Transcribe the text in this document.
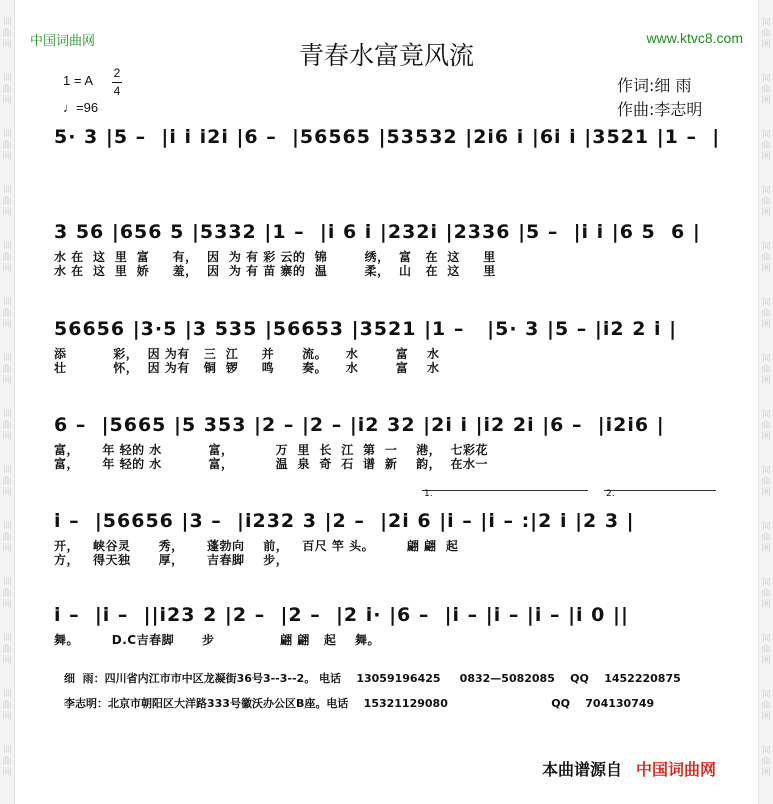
词
曲
网
词
曲
网
词
曲
网
词
曲
网
词
曲
网
词
曲
网
词
曲
网
词
曲
网
词
曲
网
词
曲
网
词
曲
网
词
曲
网
词
曲
网
词
曲
网
词
曲
网
词
曲
网
词
曲
网
词
曲
网
词
曲
网
词
曲
网
词
曲
网
词
曲
网
词
曲
网
词
曲
网
词
曲
网
词
曲
网
词
曲
网
词
曲
网
中国词曲网	www.ktvc8.com
青春水富竟风流
1 = A 2
4
♩=96
作词:细 雨
作曲:李志明
5· 3 |5 –  |i i i2i |6 –  |56565 |53532 |2i6 i |6i i |3521 |1 –  |
3 56 |656 5 |5332 |1 –  |i 6 i |232i |2336 |5 –  |i i |6 5  6 |
水 在  这  里  富     有，  因  为 有 彩 云的  锦        绣，  富   在  这     里
水 在  这  里  娇     羞，  因  为 有 苗 寨的  温        柔，  山   在  这     里
56656 |3·5 |3 535 |56653 |3521 |1 –   |5· 3 |5 – |i2 2 i |
添          彩，  因 为有   三  江     并      流。    水        富    水
壮          怀，  因 为有   铜  锣     鸣      奏。    水        富    水
6 –  |5665 |5 353 |2 – |2 – |i2 32 |2i i |i2 2i |6 –  |i2i6 |
富，     年 轻的 水          富，         万  里  长  江  第  一    港，  七彩花
富，     年 轻的 水          富，         温  泉  奇  石  谱  新    韵，  在水一
1.	2.
i –  |56656 |3 –  |i232 3 |2 –  |2i 6 |i – |i – :|2 i |2 3 |
开，   峡谷灵      秀，     蓬勃向    前，   百尺 竿 头。       翩 翩  起
方，   得天独      厚，     吉春脚    步，
i –  |i –  ||i23 2 |2 –  |2 –  |2 i· |6 –  |i – |i – |i – |i 0 ||
舞。       D.C吉春脚      步              翩 翩   起    舞。
细  雨：四川省内江市市中区龙凝街36号3--3--2。 电话    13059196425     0832—5082085    QQ    1452220875
李志明：北京市朝阳区大洋路333号徽沃办公区B座。电话    15321129080                           QQ    704130749
本曲谱源自 中国词曲网
